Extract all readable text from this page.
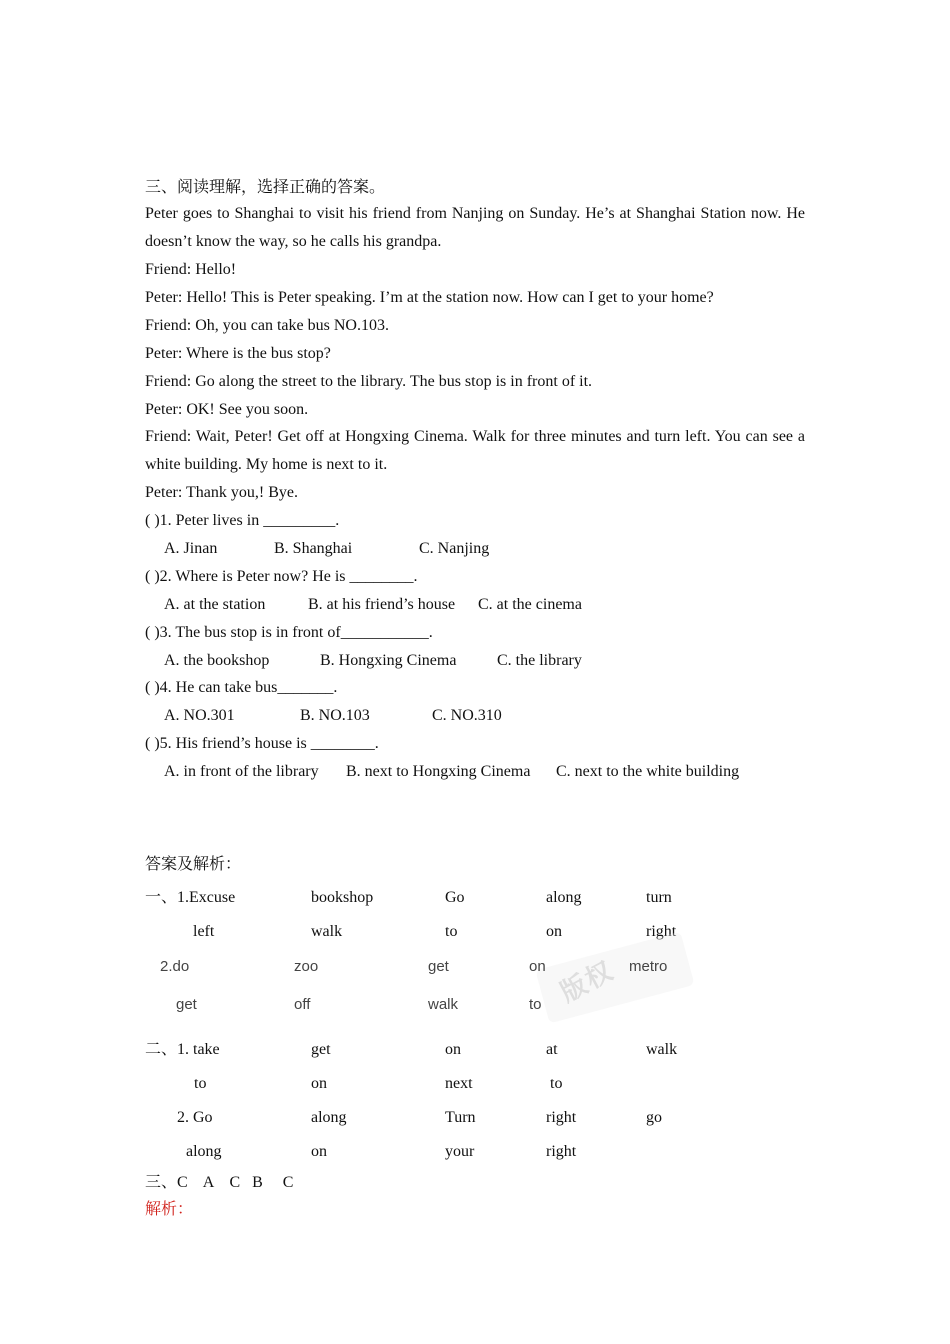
三、阅读理解，选择正确的答案。
Peter goes to Shanghai to visit his friend from Nanjing on Sunday. He’s at Shanghai Station now. He doesn’t know the way, so he calls his grandpa.
Friend: Hello!
Peter: Hello! This is Peter speaking. I’m at the station now. How can I get to your home?
Friend: Oh, you can take bus NO.103.
Peter: Where is the bus stop?
Friend: Go along the street to the library. The bus stop is in front of it.
Peter: OK! See you soon.
Friend: Wait, Peter! Get off at Hongxing Cinema. Walk for three minutes and turn left. You can see a white building. My home is next to it.
Peter: Thank you,! Bye.
( )1. Peter lives in _________.
A. Jinan	B. Shanghai	C. Nanjing
( )2. Where is Peter now? He is ________.
A. at the station	B. at his friend’s house C. at the cinema
( )3. The bus stop is in front of___________.
A. the bookshop	B. Hongxing Cinema	C. the library
( )4. He can take bus_______.
A. NO.301	B. NO.103	C. NO.310
( )5. His friend’s house is ________.
A. in front of the library B. next to Hongxing Cinema C. next to the white building
答案及解析：
一、1.Excuse	bookshop	Go	along	turn
left	walk	to	on	right
版权
2.do	zoo	get	on	metro
get	off	walk	to
二、1. take	get	on	at	walk
to	on	next	to
2. Go	along	Turn	right	go
along	on	your	right
三、C    A    C   B     C
解析：
